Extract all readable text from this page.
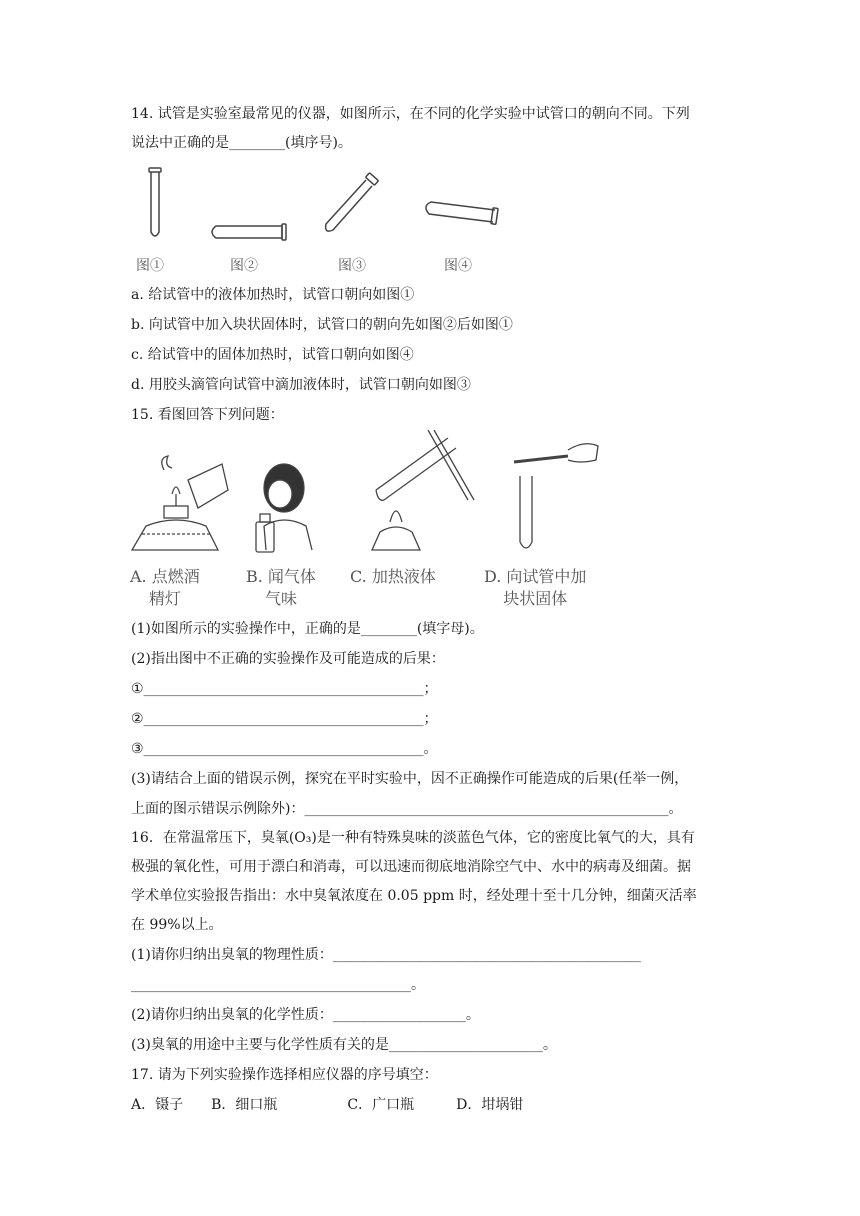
14. 试管是实验室最常见的仪器，如图所示，在不同的化学实验中试管口的朝向不同。下列
说法中正确的是________(填序号)。
图①	图②	图③	图④
a. 给试管中的液体加热时，试管口朝向如图①
b. 向试管中加入块状固体时，试管口的朝向先如图②后如图①
c. 给试管中的固体加热时，试管口朝向如图④
d. 用胶头滴管向试管中滴加液体时，试管口朝向如图③
15. 看图回答下列问题：
A. 点燃酒
精灯
B. 闻气体
气味
C. 加热液体	D. 向试管中加
块状固体
(1)如图所示的实验操作中，正确的是________(填字母)。
(2)指出图中不正确的实验操作及可能造成的后果：
①________________________________________；
②________________________________________；
③________________________________________。
(3)请结合上面的错误示例，探究在平时实验中，因不正确操作可能造成的后果(任举一例，
上面的图示错误示例除外)：____________________________________________________。
16．在常温常压下，臭氧(O₃)是一种有特殊臭味的淡蓝色气体，它的密度比氧气的大，具有
极强的氧化性，可用于漂白和消毒，可以迅速而彻底地消除空气中、水中的病毒及细菌。据
学术单位实验报告指出：水中臭氧浓度在 0.05 ppm 时，经处理十至十几分钟，细菌灭活率
在 99%以上。
(1)请你归纳出臭氧的物理性质：____________________________________________
________________________________________。
(2)请你归纳出臭氧的化学性质：___________________。
(3)臭氧的用途中主要与化学性质有关的是______________________。
17. 请为下列实验操作选择相应仪器的序号填空：
A．镊子　　B．细口瓶　　　　　C．广口瓶　　　D．坩埚钳
